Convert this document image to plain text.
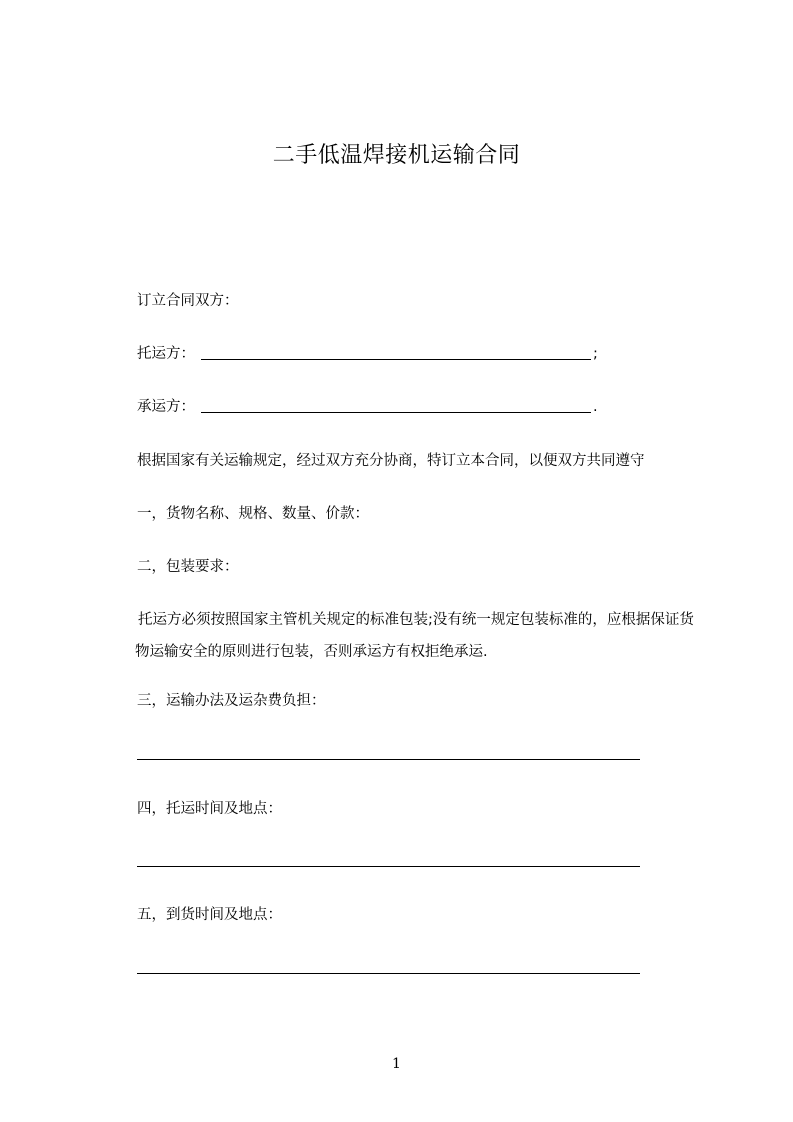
二手低温焊接机运输合同
订立合同双方：
托运方：	;
承运方：	.
根据国家有关运输规定，经过双方充分协商，特订立本合同，以便双方共同遵守
一，货物名称、规格、数量、价款：
二，包装要求：
托运方必须按照国家主管机关规定的标准包装;没有统一规定包装标准的，应根据保证货物运输安全的原则进行包装，否则承运方有权拒绝承运.
三，运输办法及运杂费负担：
四，托运时间及地点：
五，到货时间及地点：
1
